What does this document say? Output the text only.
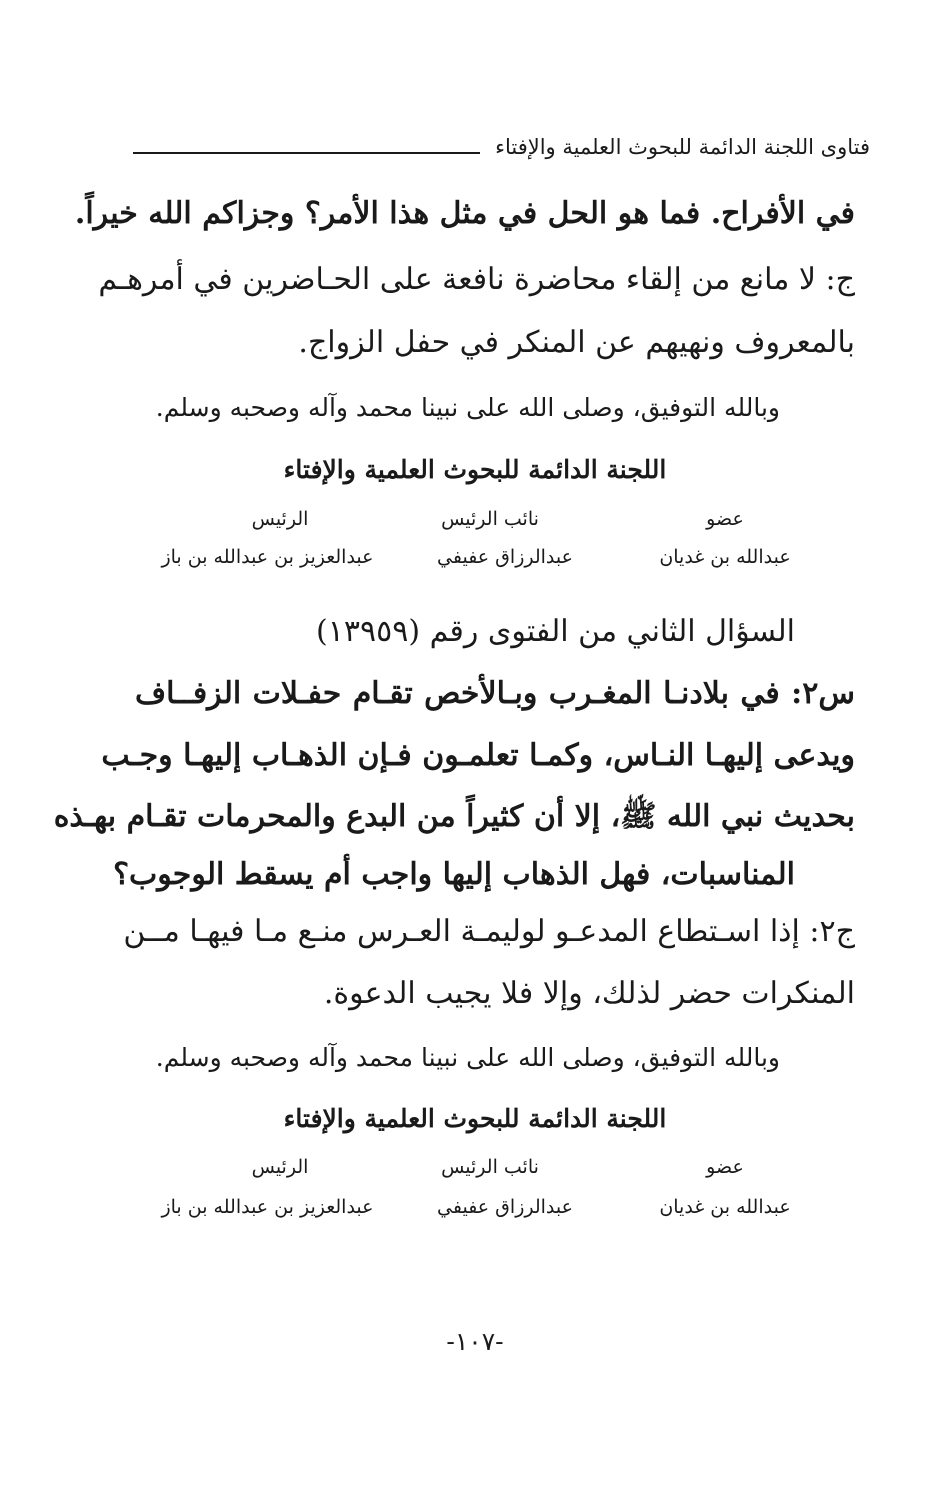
فتاوى اللجنة الدائمة للبحوث العلمية والإفتاء
في الأفراح. فما هو الحل في مثل هذا الأمر؟ وجزاكم الله خيراً.
ج: لا مانع من إلقاء محاضرة نافعة على الحـاضرين في أمرهـم
بالمعروف ونهيهم عن المنكر في حفل الزواج.
وبالله التوفيق، وصلى الله على نبينا محمد وآله وصحبه وسلم.
اللجنة الدائمة للبحوث العلمية والإفتاء
عضو
نائب الرئيس
الرئيس
عبدالله بن غديان
عبدالرزاق عفيفي
عبدالعزيز بن عبدالله بن باز
السؤال الثاني من الفتوى رقم (١٣٩٥٩)
س٢: في بلادنـا المغـرب وبـالأخص تقـام حفـلات الزفــاف
ويدعى إليهـا النـاس، وكمـا تعلمـون فـإن الذهـاب إليهـا وجـب
بحديث نبي الله ﷺ، إلا أن كثيراً من البدع والمحرمات تقـام بهـذه
المناسبات، فهل الذهاب إليها واجب أم يسقط الوجوب؟
ج٢: إذا اسـتطاع المدعـو لوليمـة العـرس منـع مـا فيهـا مــن
المنكرات حضر لذلك، وإلا فلا يجيب الدعوة.
وبالله التوفيق، وصلى الله على نبينا محمد وآله وصحبه وسلم.
اللجنة الدائمة للبحوث العلمية والإفتاء
عضو
نائب الرئيس
الرئيس
عبدالله بن غديان
عبدالرزاق عفيفي
عبدالعزيز بن عبدالله بن باز
-١٠٧-
